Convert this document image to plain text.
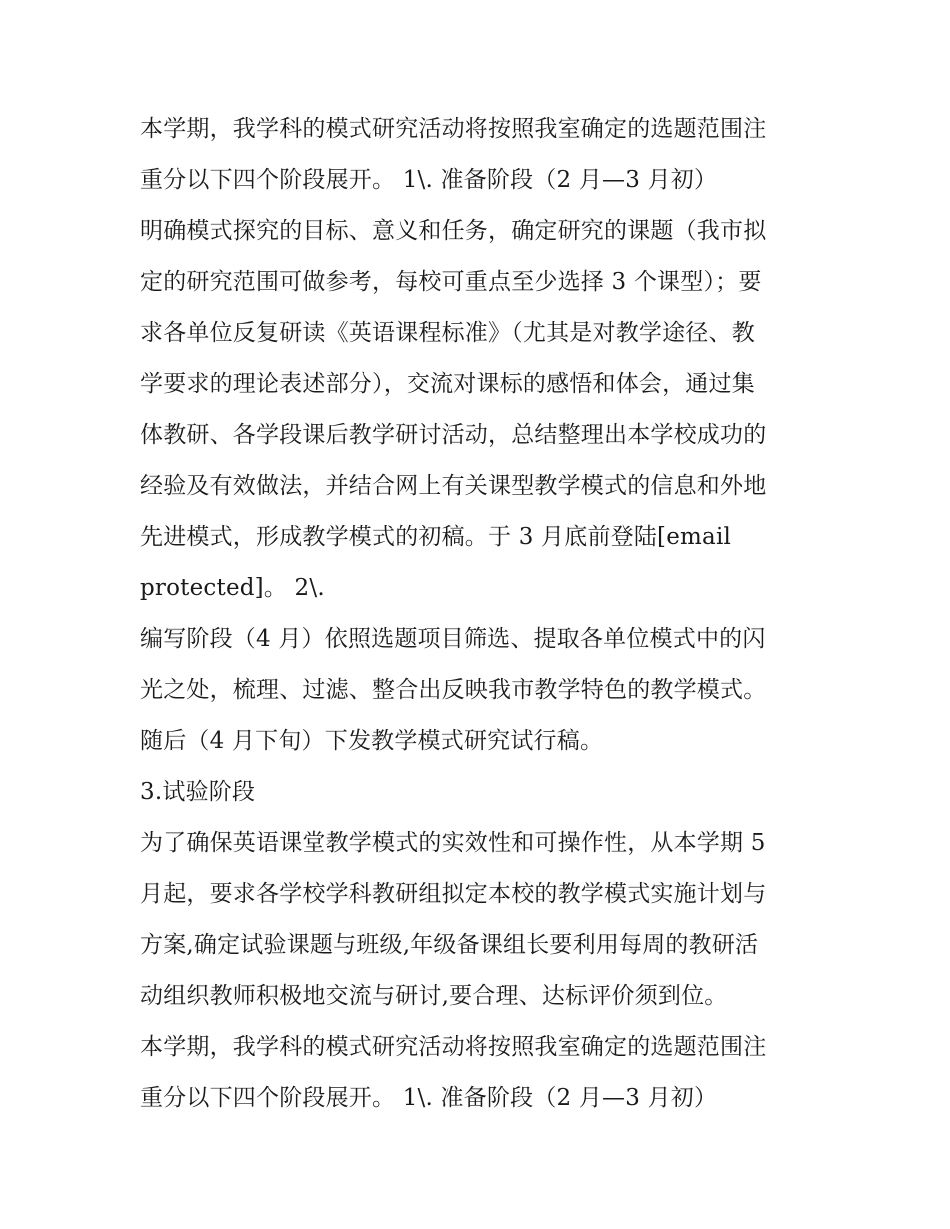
本学期，我学科的模式研究活动将按照我室确定的选题范围注
重分以下四个阶段展开。 1\. 准备阶段（2 月—3 月初）
明确模式探究的目标、意义和任务，确定研究的课题（我市拟
定的研究范围可做参考，每校可重点至少选择 3 个课型）；要
求各单位反复研读《英语课程标准》（尤其是对教学途径、教
学要求的理论表述部分），交流对课标的感悟和体会，通过集
体教研、各学段课后教学研讨活动，总结整理出本学校成功的
经验及有效做法，并结合网上有关课型教学模式的信息和外地
先进模式，形成教学模式的初稿。于 3 月底前登陆[email
protected]。 2\.
编写阶段（4 月）依照选题项目筛选、提取各单位模式中的闪
光之处，梳理、过滤、整合出反映我市教学特色的教学模式。
随后（4 月下旬）下发教学模式研究试行稿。
3.试验阶段
为了确保英语课堂教学模式的实效性和可操作性，从本学期 5
月起，要求各学校学科教研组拟定本校的教学模式实施计划与
方案,确定试验课题与班级,年级备课组长要利用每周的教研活
动组织教师积极地交流与研讨,要合理、达标评价须到位。
本学期，我学科的模式研究活动将按照我室确定的选题范围注
重分以下四个阶段展开。 1\. 准备阶段（2 月—3 月初）
